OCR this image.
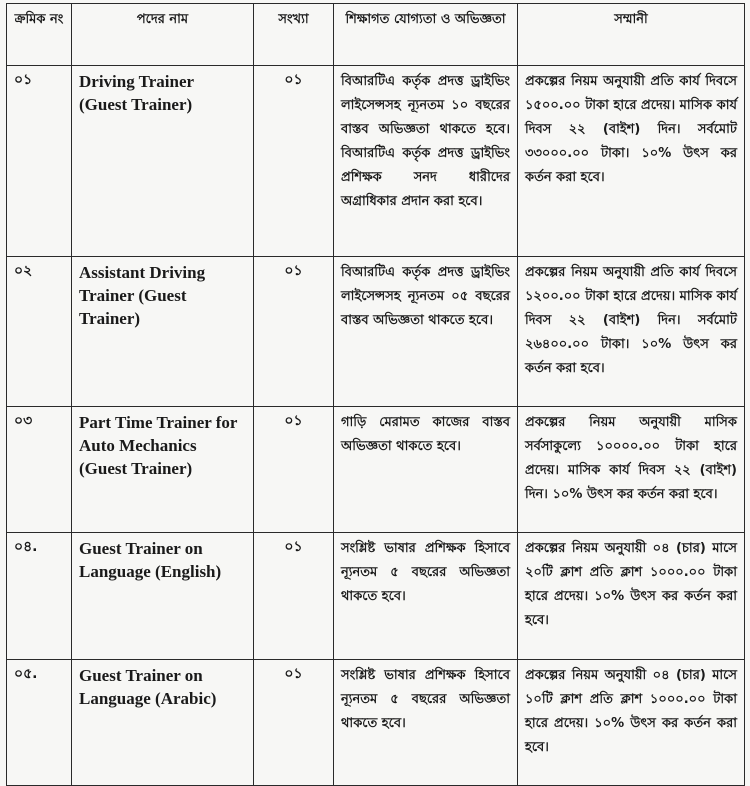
ক্রমিক নং	পদের নাম	সংখ্যা	শিক্ষাগত যোগ্যতা ও অভিজ্ঞতা	সম্মানী
০১	Driving Trainer (Guest Trainer)	০১	বিআরটিএ কর্তৃক প্রদত্ত ড্রাইভিং লাইসেন্সসহ ন্যূনতম ১০ বছরের বাস্তব অভিজ্ঞতা থাকতে হবে। বিআরটিএ কর্তৃক প্রদত্ত ড্রাইভিং প্রশিক্ষক সনদ ধারীদের অগ্রাধিকার প্রদান করা হবে।	প্রকল্পের নিয়ম অনুযায়ী প্রতি কার্য দিবসে ১৫০০.০০ টাকা হারে প্রদেয়। মাসিক কার্য দিবস ২২ (বাইশ) দিন। সর্বমোট ৩৩০০০.০০ টাকা। ১০% উৎস কর কর্তন করা হবে।
০২	Assistant Driving Trainer (Guest Trainer)	০১	বিআরটিএ কর্তৃক প্রদত্ত ড্রাইভিং লাইসেন্সসহ ন্যূনতম ০৫ বছরের বাস্তব অভিজ্ঞতা থাকতে হবে।	প্রকল্পের নিয়ম অনুযায়ী প্রতি কার্য দিবসে ১২০০.০০ টাকা হারে প্রদেয়। মাসিক কার্য দিবস ২২ (বাইশ) দিন। সর্বমোট ২৬৪০০.০০ টাকা। ১০% উৎস কর কর্তন করা হবে।
০৩	Part Time Trainer for Auto Mechanics (Guest Trainer)	০১	গাড়ি মেরামত কাজের বাস্তব অভিজ্ঞতা থাকতে হবে।	প্রকল্পের নিয়ম অনুযায়ী মাসিক সর্বসাকুল্যে ১০০০০.০০ টাকা হারে প্রদেয়। মাসিক কার্য দিবস ২২ (বাইশ) দিন। ১০% উৎস কর কর্তন করা হবে।
০৪.	Guest Trainer on Language (English)	০১	সংশ্লিষ্ট ভাষার প্রশিক্ষক হিসাবে ন্যূনতম ৫ বছরের অভিজ্ঞতা থাকতে হবে।	প্রকল্পের নিয়ম অনুযায়ী ০৪ (চার) মাসে ২০টি ক্লাশ প্রতি ক্লাশ ১০০০.০০ টাকা হারে প্রদেয়। ১০% উৎস কর কর্তন করা হবে।
০৫.	Guest Trainer on Language (Arabic)	০১	সংশ্লিষ্ট ভাষার প্রশিক্ষক হিসাবে ন্যূনতম ৫ বছরের অভিজ্ঞতা থাকতে হবে।	প্রকল্পের নিয়ম অনুযায়ী ০৪ (চার) মাসে ১০টি ক্লাশ প্রতি ক্লাশ ১০০০.০০ টাকা হারে প্রদেয়। ১০% উৎস কর কর্তন করা হবে।
